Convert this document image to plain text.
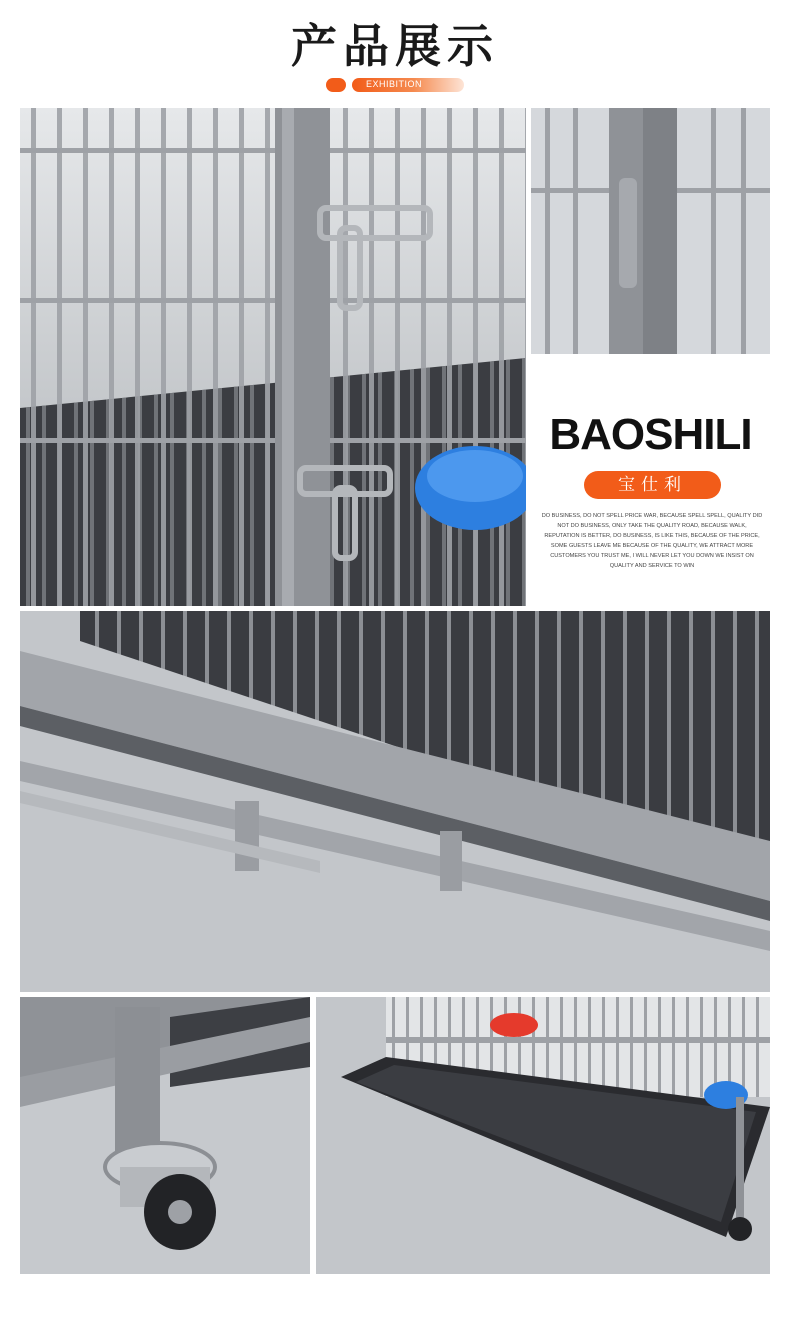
产品展示
EXHIBITION
BAOSHILI
宝仕利
DO BUSINESS, DO NOT SPELL PRICE WAR, BECAUSE SPELL SPELL, QUALITY DID NOT DO BUSINESS, ONLY TAKE THE QUALITY ROAD, BECAUSE WALK, REPUTATION IS BETTER, DO BUSINESS, IS LIKE THIS, BECAUSE OF THE PRICE, SOME GUESTS LEAVE ME BECAUSE OF THE QUALITY, WE ATTRACT MORE CUSTOMERS YOU TRUST ME, I WILL NEVER LET YOU DOWN WE INSIST ON QUALITY AND SERVICE TO WIN
